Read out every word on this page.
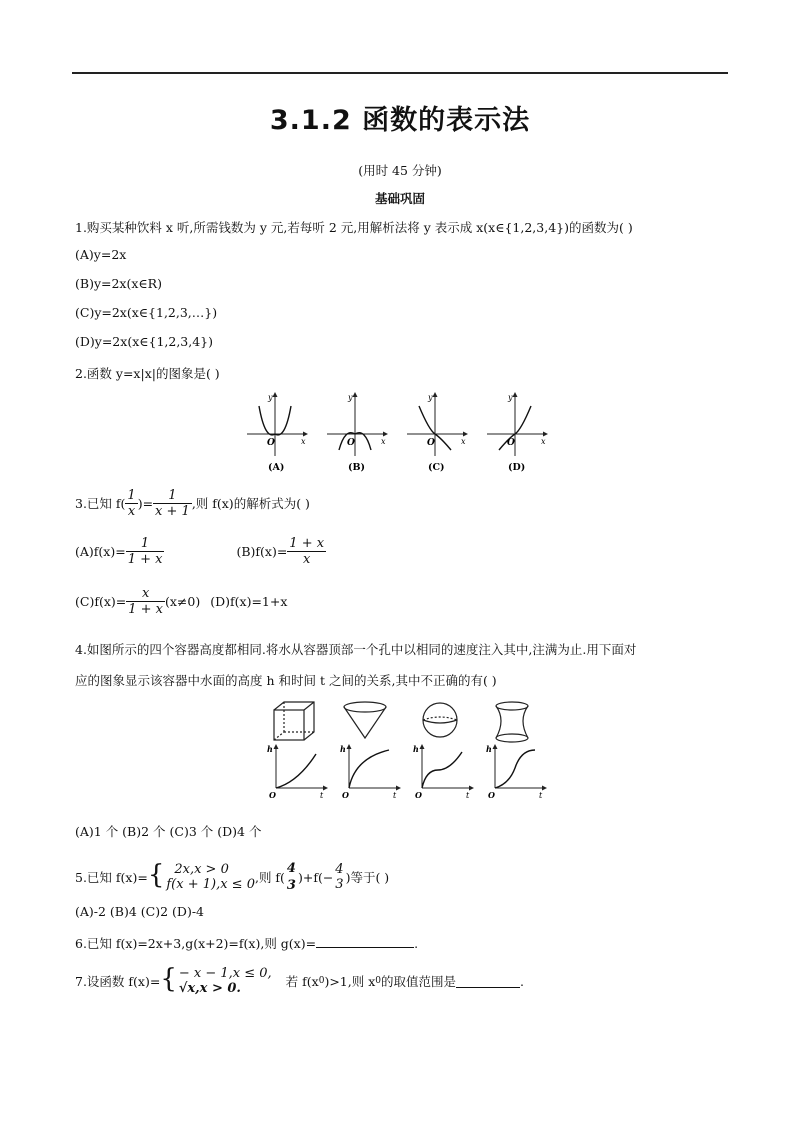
3.1.2 函数的表示法
(用时 45 分钟)
基础巩固
1.购买某种饮料 x 听,所需钱数为 y 元,若每听 2 元,用解析法将 y 表示成 x(x∈{1,2,3,4})的函数为( )
(A)y=2x
(B)y=2x(x∈R)
(C)y=2x(x∈{1,2,3,…})
(D)y=2x(x∈{1,2,3,4})
2.函数 y=x|x|的图象是( )
y
x
O
(A)
y
x
O
(B)
y
x
O
(C)
y
x
O
(D)
3.已知 $f( \frac{1}{x}$ )= $\frac{1}{x + 1}$ ,则 f(x)的解析式为( )
$(A)f(x)= \frac{1}{1 + x}$	$(B)f(x)= \frac{1 + x}{x}$
$(C)f(x)= \frac{x}{1 + x} (x\ne 0)$ (D)f(x)=1+x
4.如图所示的四个容器高度都相同.将水从容器顶部一个孔中以相同的速度注入其中,注满为止.用下面对
应的图象显示该容器中水面的高度 h 和时间 t 之间的关系,其中不正确的有( )
h
t
O
h
t
O
h
t
O
h
t
O
(A)1 个 (B)2 个 (C)3 个 (D)4 个
5.已知 f(x)= { 2x,x > 0
f(x + 1),x ≤ 0 ,则 f(
4
3
)+f(− 4
3 )等于( )
(A)-2 (B)4 (C)2 (D)-4
6.已知 f(x)=2x+3,g(x+2)=f(x),则 g(x)=	.
7.设函数 f(x)= { − x − 1,x ≤ 0,
√x,x > 0.	若 f(x 0 )>1,则 x 0 的取值范围是	.
